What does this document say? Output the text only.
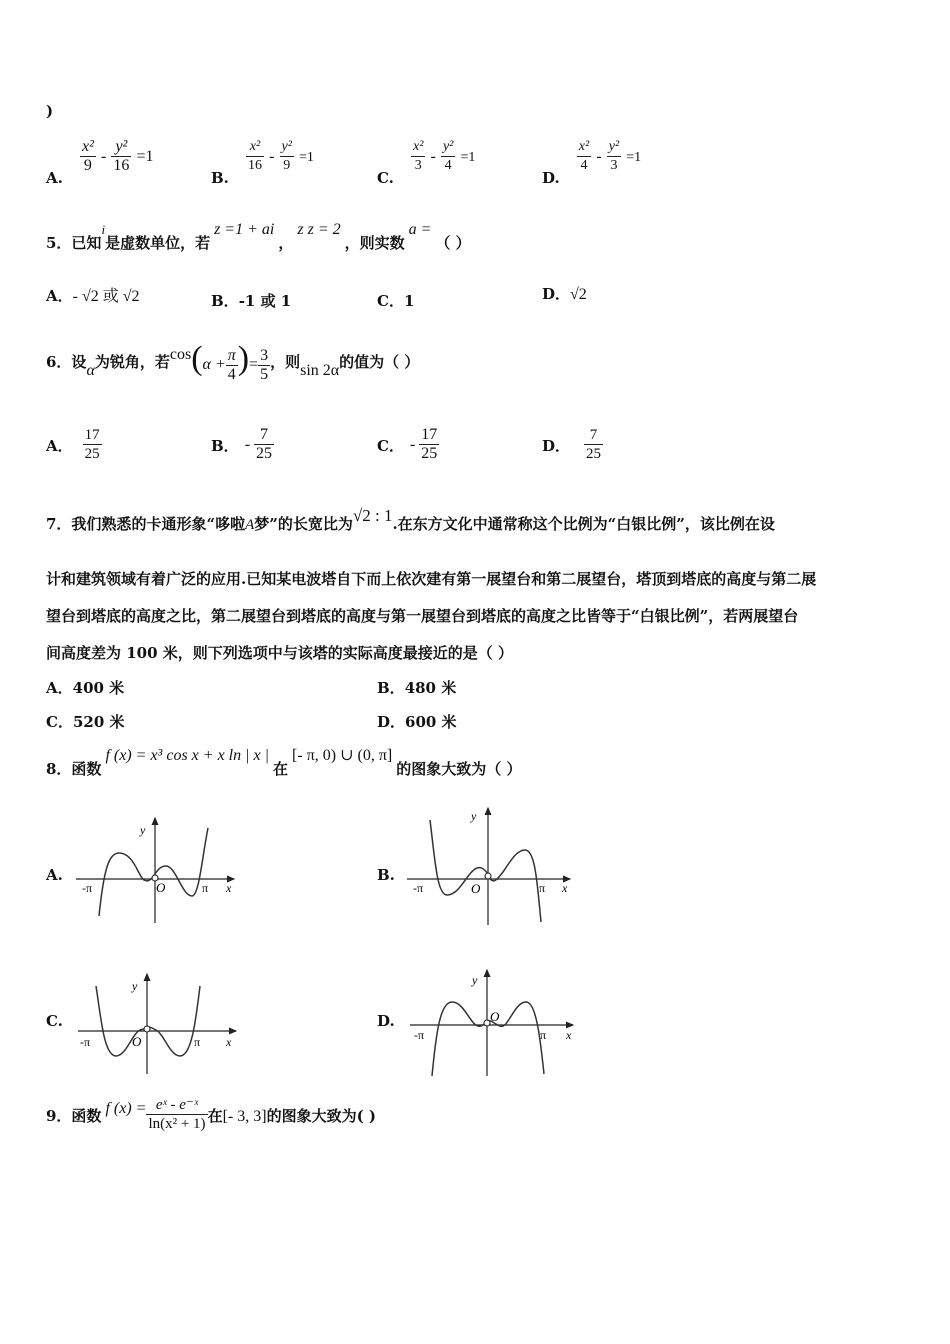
)
A.
$\frac{\text{x²}}{9} - \frac{\text{y²}}{16} =1$
B.
$\frac{\text{x²}}{16} - \frac{\text{y²}}{9} =1$
C.
$\frac{\text{x²}}{3} - \frac{\text{y²}}{4} =1$
D.
$\frac{\text{x²}}{4} - \frac{\text{y²}}{3} =1$
5．已知i是虚数单位，若z =1 + ai，z z = 2，则实数a =（ ）
A．- √2 或 √2	B．-1 或 1	C．1	D．√2
6．设α为锐角，若$\cos(\alpha + \frac{\pi}{4}$ )= $\frac{3}{5}$ ，则sin 2α的值为（ ）
A． $\frac{17}{25}$	B． - $\frac{7}{25}$	C． - $\frac{17}{25}$	D． $\frac{7}{25}$
7．我们熟悉的卡通形象“哆啦A梦”的长宽比为√2 : 1.在东方文化中通常称这个比例为“白银比例”，该比例在设
计和建筑领域有着广泛的应用.已知某电波塔自下而上依次建有第一展望台和第二展望台，塔顶到塔底的高度与第二展
望台到塔底的高度之比，第二展望台到塔底的高度与第一展望台到塔底的高度之比皆等于“白银比例”，若两展望台
间高度差为 100 米，则下列选项中与该塔的实际高度最接近的是（ ）
A．400 米	B．480 米
C．520 米	D．600 米
8．函数f (x) = x³ cos x + x ln | x |在[- π, 0) ∪ (0, π]的图象大致为（ ）
A.	B.
C.	D.
y
x
O
-π	π
y
x
O
-π	π
y
x
O
-π	π
y
x
O
-π	π
9．函数 f $(x) = \frac{\text{eˣ - e⁻ˣ}}{\text{ln(x² + 1)}}$ 在[- 3, 3]的图象大致为( )
